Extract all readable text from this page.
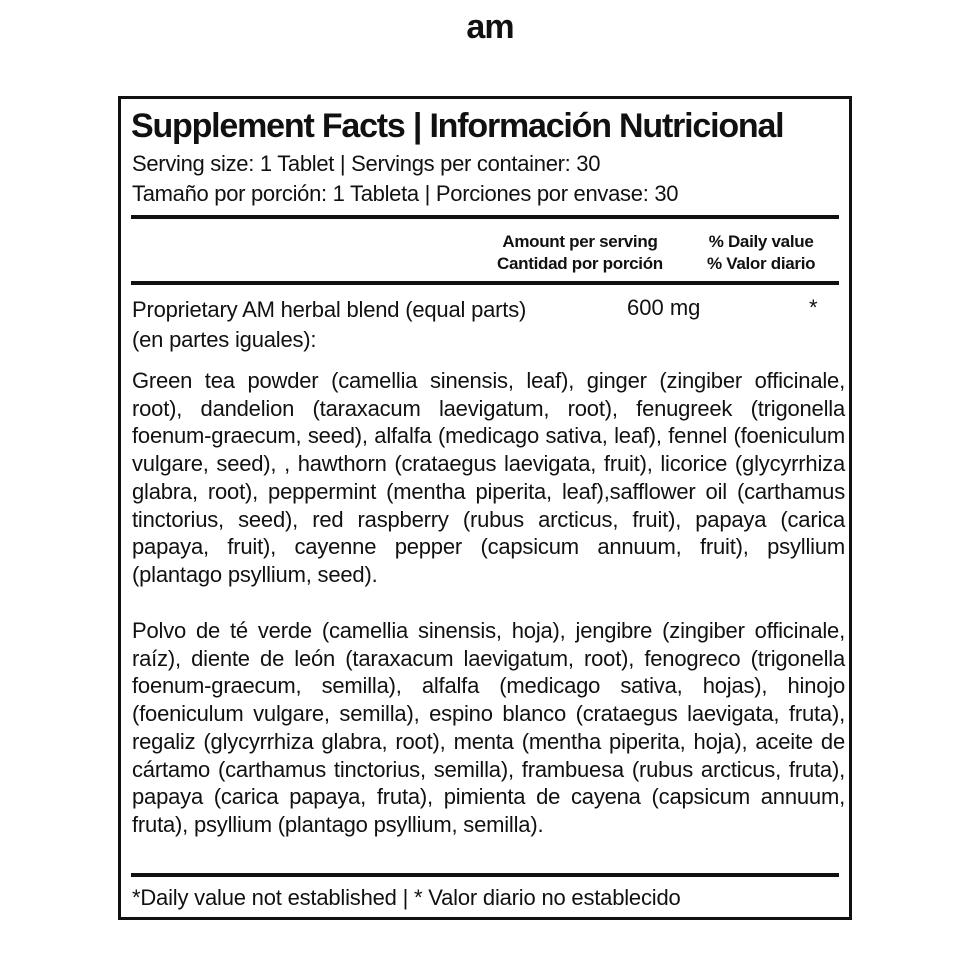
am
Supplement Facts | Información Nutricional
Serving size: 1 Tablet | Servings per container: 30
Tamaño por porción: 1 Tableta | Porciones por envase: 30
Amount per serving
Cantidad por porción
% Daily value
% Valor diario
Proprietary AM herbal blend (equal parts)
(en partes iguales):
600 mg	*
Green tea powder (camellia sinensis, leaf), ginger (zingiber officinale, root), dandelion (taraxacum laevigatum, root), fenugreek (trigonella foenum-graecum, seed), alfalfa (medicago sativa, leaf), fennel (foeniculum vulgare, seed), , hawthorn (crataegus laevigata, fruit), licorice (glycyrrhiza glabra, root), peppermint (mentha piperita, leaf),safflower oil (carthamus tinctorius, seed), red raspberry (rubus arcticus, fruit), papaya (carica papaya, fruit), cayenne pepper (capsicum annuum, fruit), psyllium (plantago psyllium, seed).
Polvo de té verde (camellia sinensis, hoja), jengibre (zingiber officinale, raíz), diente de león (taraxacum laevigatum, root), fenogreco (trigonella foenum-graecum, semilla), alfalfa (medicago sativa, hojas), hinojo (foeniculum vulgare, semilla), espino blanco (crataegus laevigata, fruta), regaliz (glycyrrhiza glabra, root), menta (mentha piperita, hoja), aceite de cártamo (carthamus tinctorius, semilla), frambuesa (rubus arcticus, fruta), papaya (carica papaya, fruta), pimienta de cayena (capsicum annuum, fruta), psyllium (plantago psyllium, semilla).
*Daily value not established | * Valor diario no establecido
